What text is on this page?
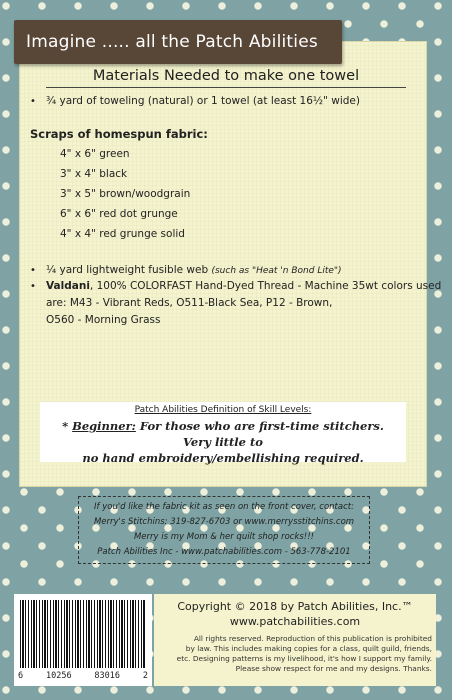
Imagine ..... all the Patch Abilities
Materials Needed to make one towel
• ¾ yard of toweling (natural) or 1 towel (at least 16½" wide)
Scraps of homespun fabric:
4" x 6" green
3" x 4" black
3" x 5" brown/woodgrain
6" x 6" red dot grunge
4" x 4" red grunge solid
• ¼ yard lightweight fusible web (such as "Heat 'n Bond Lite")
• Valdani, 100% COLORFAST Hand-Dyed Thread - Machine 35wt colors used
are: M43 - Vibrant Reds, O511-Black Sea, P12 - Brown,
O560 - Morning Grass
Patch Abilities Definition of Skill Levels:
* Beginner: For those who are first-time stitchers. Very little to
no hand embroidery/embellishing required.
If you'd like the fabric kit as seen on the front cover, contact:
Merry's Stitchins: 319-827-6703 or www.merrysstitchins.com
Merry is my Mom & her quilt shop rocks!!!
Patch Abilities Inc - www.patchabilities.com - 563-778-2101
6	10256	83016	2
Copyright © 2018 by Patch Abilities, Inc.™
www.patchabilities.com
All rights reserved. Reproduction of this publication is prohibited
by law. This includes making copies for a class, quilt guild, friends,
etc. Designing patterns is my livelihood, it's how I support my family.
Please show respect for me and my designs. Thanks.
